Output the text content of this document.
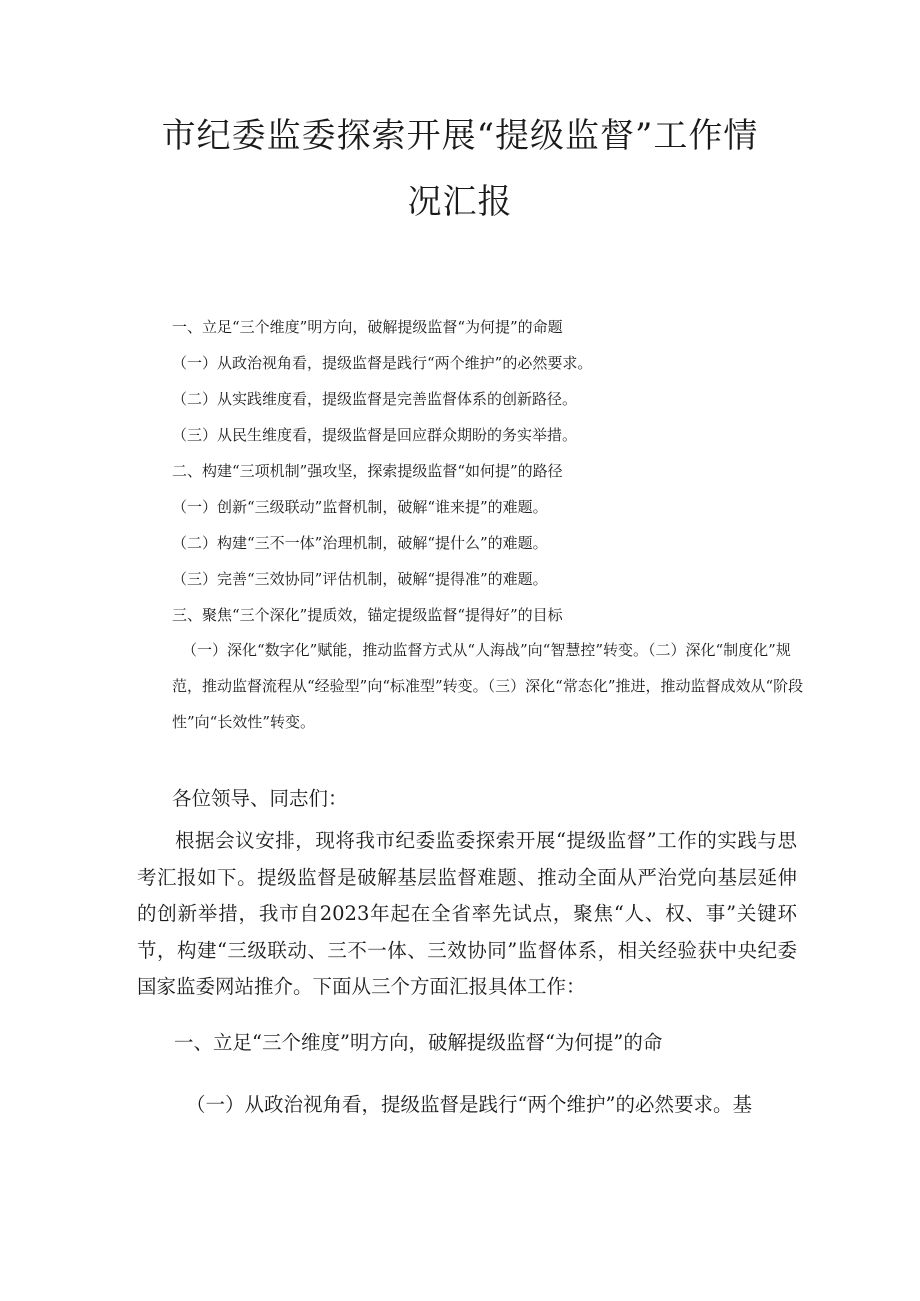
市纪委监委探索开展“提级监督”工作情
况汇报

一、立足“三个维度”明方向，破解提级监督“为何提”的命题

（一）从政治视角看，提级监督是践行“两个维护”的必然要求。

（二）从实践维度看，提级监督是完善监督体系的创新路径。

（三）从民生维度看，提级监督是回应群众期盼的务实举措。

二、构建“三项机制”强攻坚，探索提级监督“如何提”的路径

（一）创新“三级联动”监督机制，破解“谁来提”的难题。

（二）构建“三不一体”治理机制，破解“提什么”的难题。

（三）完善“三效协同”评估机制，破解“提得准”的难题。

三、聚焦“三个深化”提质效，锚定提级监督“提得好”的目标

（一）深化“数字化”赋能，推动监督方式从“人海战”向“智慧控”转变。（二）深化“制度化”规范，推动监督流程从“经验型”向“标准型”转变。（三）深化“常态化”推进，推动监督成效从“阶段性”向“长效性”转变。

各位领导、同志们：

根据会议安排，现将我市纪委监委探索开展“提级监督”工作的实践与思考汇报如下。提级监督是破解基层监督难题、推动全面从严治党向基层延伸的创新举措，我市自2023年起在全省率先试点，聚焦“人、权、事”关键环节，构建“三级联动、三不一体、三效协同”监督体系，相关经验获中央纪委国家监委网站推介。下面从三个方面汇报具体工作：

一、立足“三个维度”明方向，破解提级监督“为何提”的命

（一）从政治视角看，提级监督是践行“两个维护”的必然要求。基
